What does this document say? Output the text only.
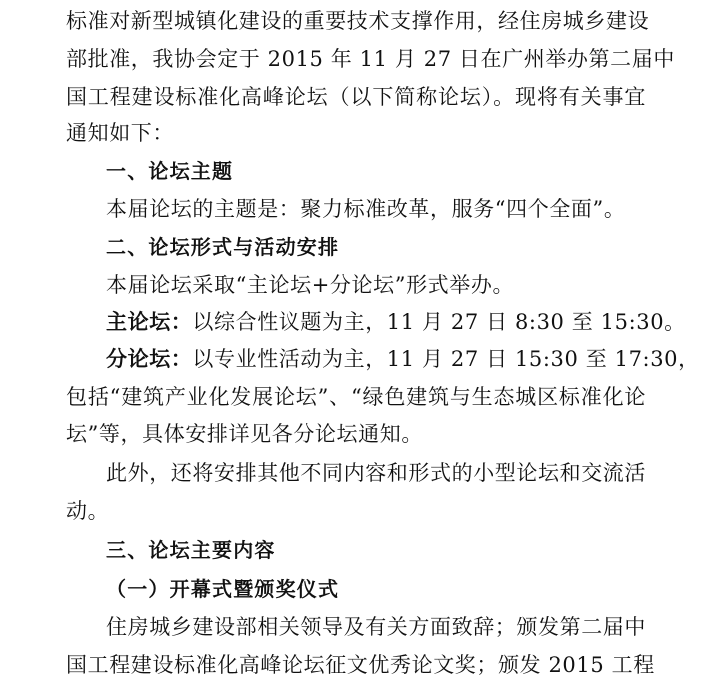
标准对新型城镇化建设的重要技术支撑作用，经住房城乡建设
部批准，我协会定于 2015 年 11 月 27 日在广州举办第二届中
国工程建设标准化高峰论坛（以下简称论坛）。现将有关事宜
通知如下：
一、论坛主题
本届论坛的主题是：聚力标准改革，服务“四个全面”。
二、论坛形式与活动安排
本届论坛采取“主论坛+分论坛”形式举办。
主论坛：以综合性议题为主，11 月 27 日 8:30 至 15:30。
分论坛：以专业性活动为主，11 月 27 日 15:30 至 17:30，
包括“建筑产业化发展论坛”、“绿色建筑与生态城区标准化论
坛”等，具体安排详见各分论坛通知。
此外，还将安排其他不同内容和形式的小型论坛和交流活
动。
三、论坛主要内容
（一）开幕式暨颁奖仪式
住房城乡建设部相关领导及有关方面致辞；颁发第二届中
国工程建设标准化高峰论坛征文优秀论文奖；颁发 2015 工程
